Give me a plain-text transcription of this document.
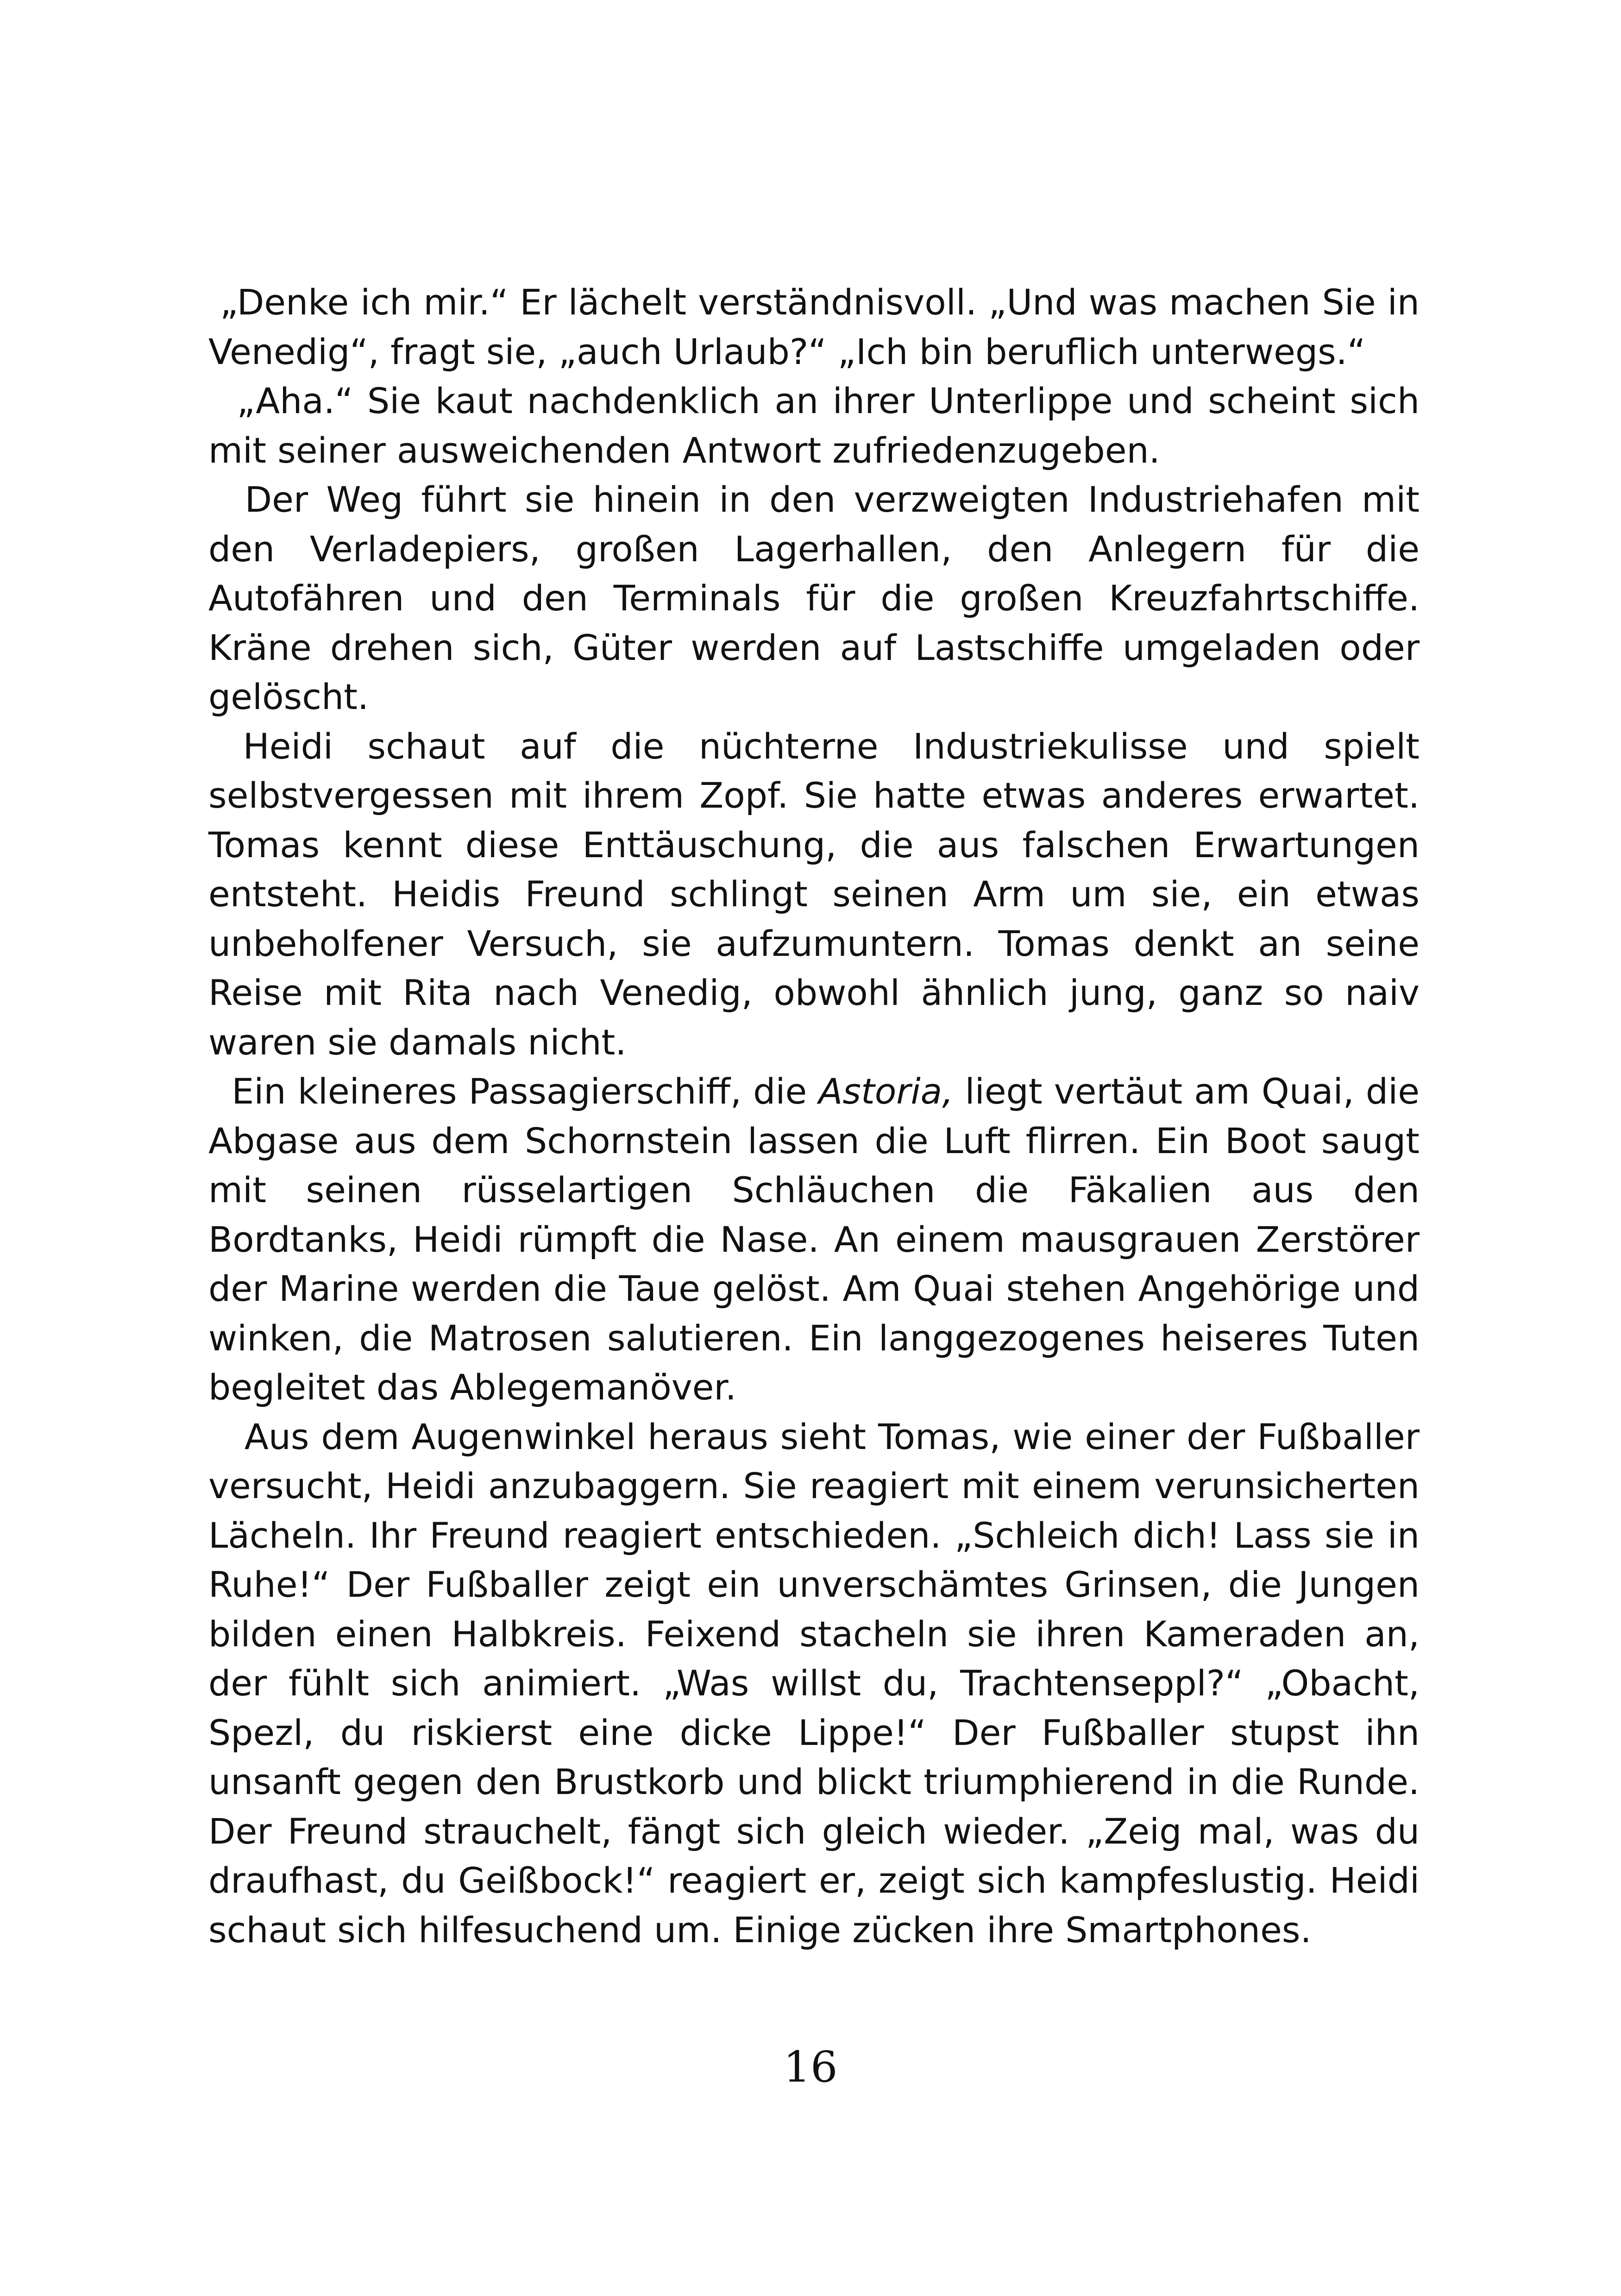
„Denke ich mir.“ Er lächelt verständnisvoll. „Und was machen Sie in Venedig“, fragt sie, „auch Urlaub?“ „Ich bin beruflich unterwegs.“

„Aha.“ Sie kaut nachdenklich an ihrer Unterlippe und scheint sich mit seiner ausweichenden Antwort zufriedenzugeben.

Der Weg führt sie hinein in den verzweigten Industriehafen mit den Verladepiers, großen Lagerhallen, den Anlegern für die Autofähren und den Terminals für die großen Kreuzfahrtschiffe. Kräne drehen sich, Güter werden auf Lastschiffe umgeladen oder gelöscht.

Heidi schaut auf die nüchterne Industriekulisse und spielt selbstvergessen mit ihrem Zopf. Sie hatte etwas anderes erwartet. Tomas kennt diese Enttäuschung, die aus falschen Erwartungen entsteht. Heidis Freund schlingt seinen Arm um sie, ein etwas unbeholfener Versuch, sie aufzumuntern. Tomas denkt an seine Reise mit Rita nach Venedig, obwohl ähnlich jung, ganz so naiv waren sie damals nicht.

Ein kleineres Passagierschiff, die Astoria, liegt vertäut am Quai, die Abgase aus dem Schornstein lassen die Luft flirren. Ein Boot saugt mit seinen rüsselartigen Schläuchen die Fäkalien aus den Bordtanks, Heidi rümpft die Nase. An einem mausgrauen Zerstörer der Marine werden die Taue gelöst. Am Quai stehen Angehörige und winken, die Matrosen salutieren. Ein langgezogenes heiseres Tuten begleitet das Ablegemanöver.

Aus dem Augenwinkel heraus sieht Tomas, wie einer der Fußballer versucht, Heidi anzubaggern. Sie reagiert mit einem verunsicherten Lächeln. Ihr Freund reagiert entschieden. „Schleich dich! Lass sie in Ruhe!“ Der Fußballer zeigt ein unverschämtes Grinsen, die Jungen bilden einen Halbkreis. Feixend stacheln sie ihren Kameraden an, der fühlt sich animiert. „Was willst du, Trachtenseppl?“ „Obacht, Spezl, du riskierst eine dicke Lippe!“ Der Fußballer stupst ihn unsanft gegen den Brustkorb und blickt triumphierend in die Runde. Der Freund strauchelt, fängt sich gleich wieder. „Zeig mal, was du draufhast, du Geißbock!“ reagiert er, zeigt sich kampfeslustig. Heidi schaut sich hilfesuchend um. Einige zücken ihre Smartphones.

16
